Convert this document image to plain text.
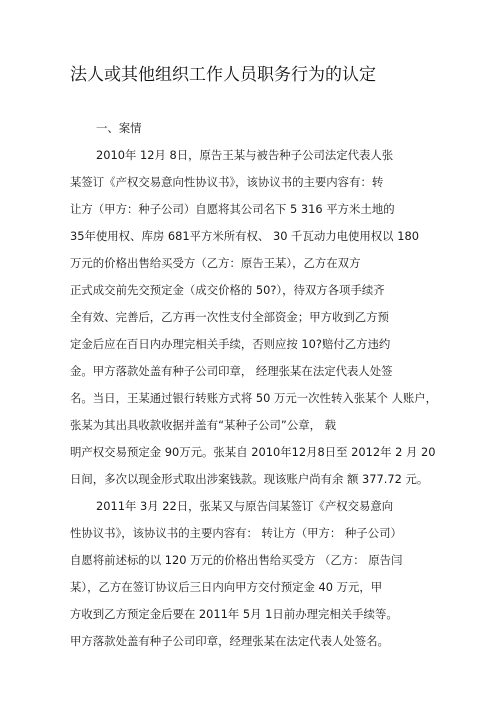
法人或其他组织工作人员职务行为的认定
一、案情
2010年 12月 8日，原告王某与被告种子公司法定代表人张
某签订《产权交易意向性协议书》，该协议书的主要内容有：转
让方（甲方：种子公司）自愿将其公司名下 5 316 平方米土地的
35年使用权、库房 681平方米所有权、 30 千瓦动力电使用权以 180
万元的价格出售给买受方（乙方：原告王某），乙方在双方
正式成交前先交预定金（成交价格的 50?），待双方各项手续齐
全有效、完善后，乙方再一次性支付全部资金；甲方收到乙方预
定金后应在百日内办理完相关手续，否则应按 10?赔付乙方违约
金。甲方落款处盖有种子公司印章， 经理张某在法定代表人处签
名。当日，王某通过银行转账方式将 50 万元一次性转入张某个 人账户，
张某为其出具收款收据并盖有“某种子公司”公章， 载
明产权交易预定金 90万元。张某自 2010年12月8日至 2012年 2 月 20
日间，多次以现金形式取出涉案钱款。现该账户尚有余 额 377.72 元。
2011年 3月 22日，张某又与原告闫某签订《产权交易意向
性协议书》，该协议书的主要内容有： 转让方（甲方： 种子公司）
自愿将前述标的以 120 万元的价格出售给买受方 （乙方： 原告闫
某），乙方在签订协议后三日内向甲方交付预定金 40 万元，甲
方收到乙方预定金后要在 2011年 5月 1日前办理完相关手续等。
甲方落款处盖有种子公司印章，经理张某在法定代表人处签名。
